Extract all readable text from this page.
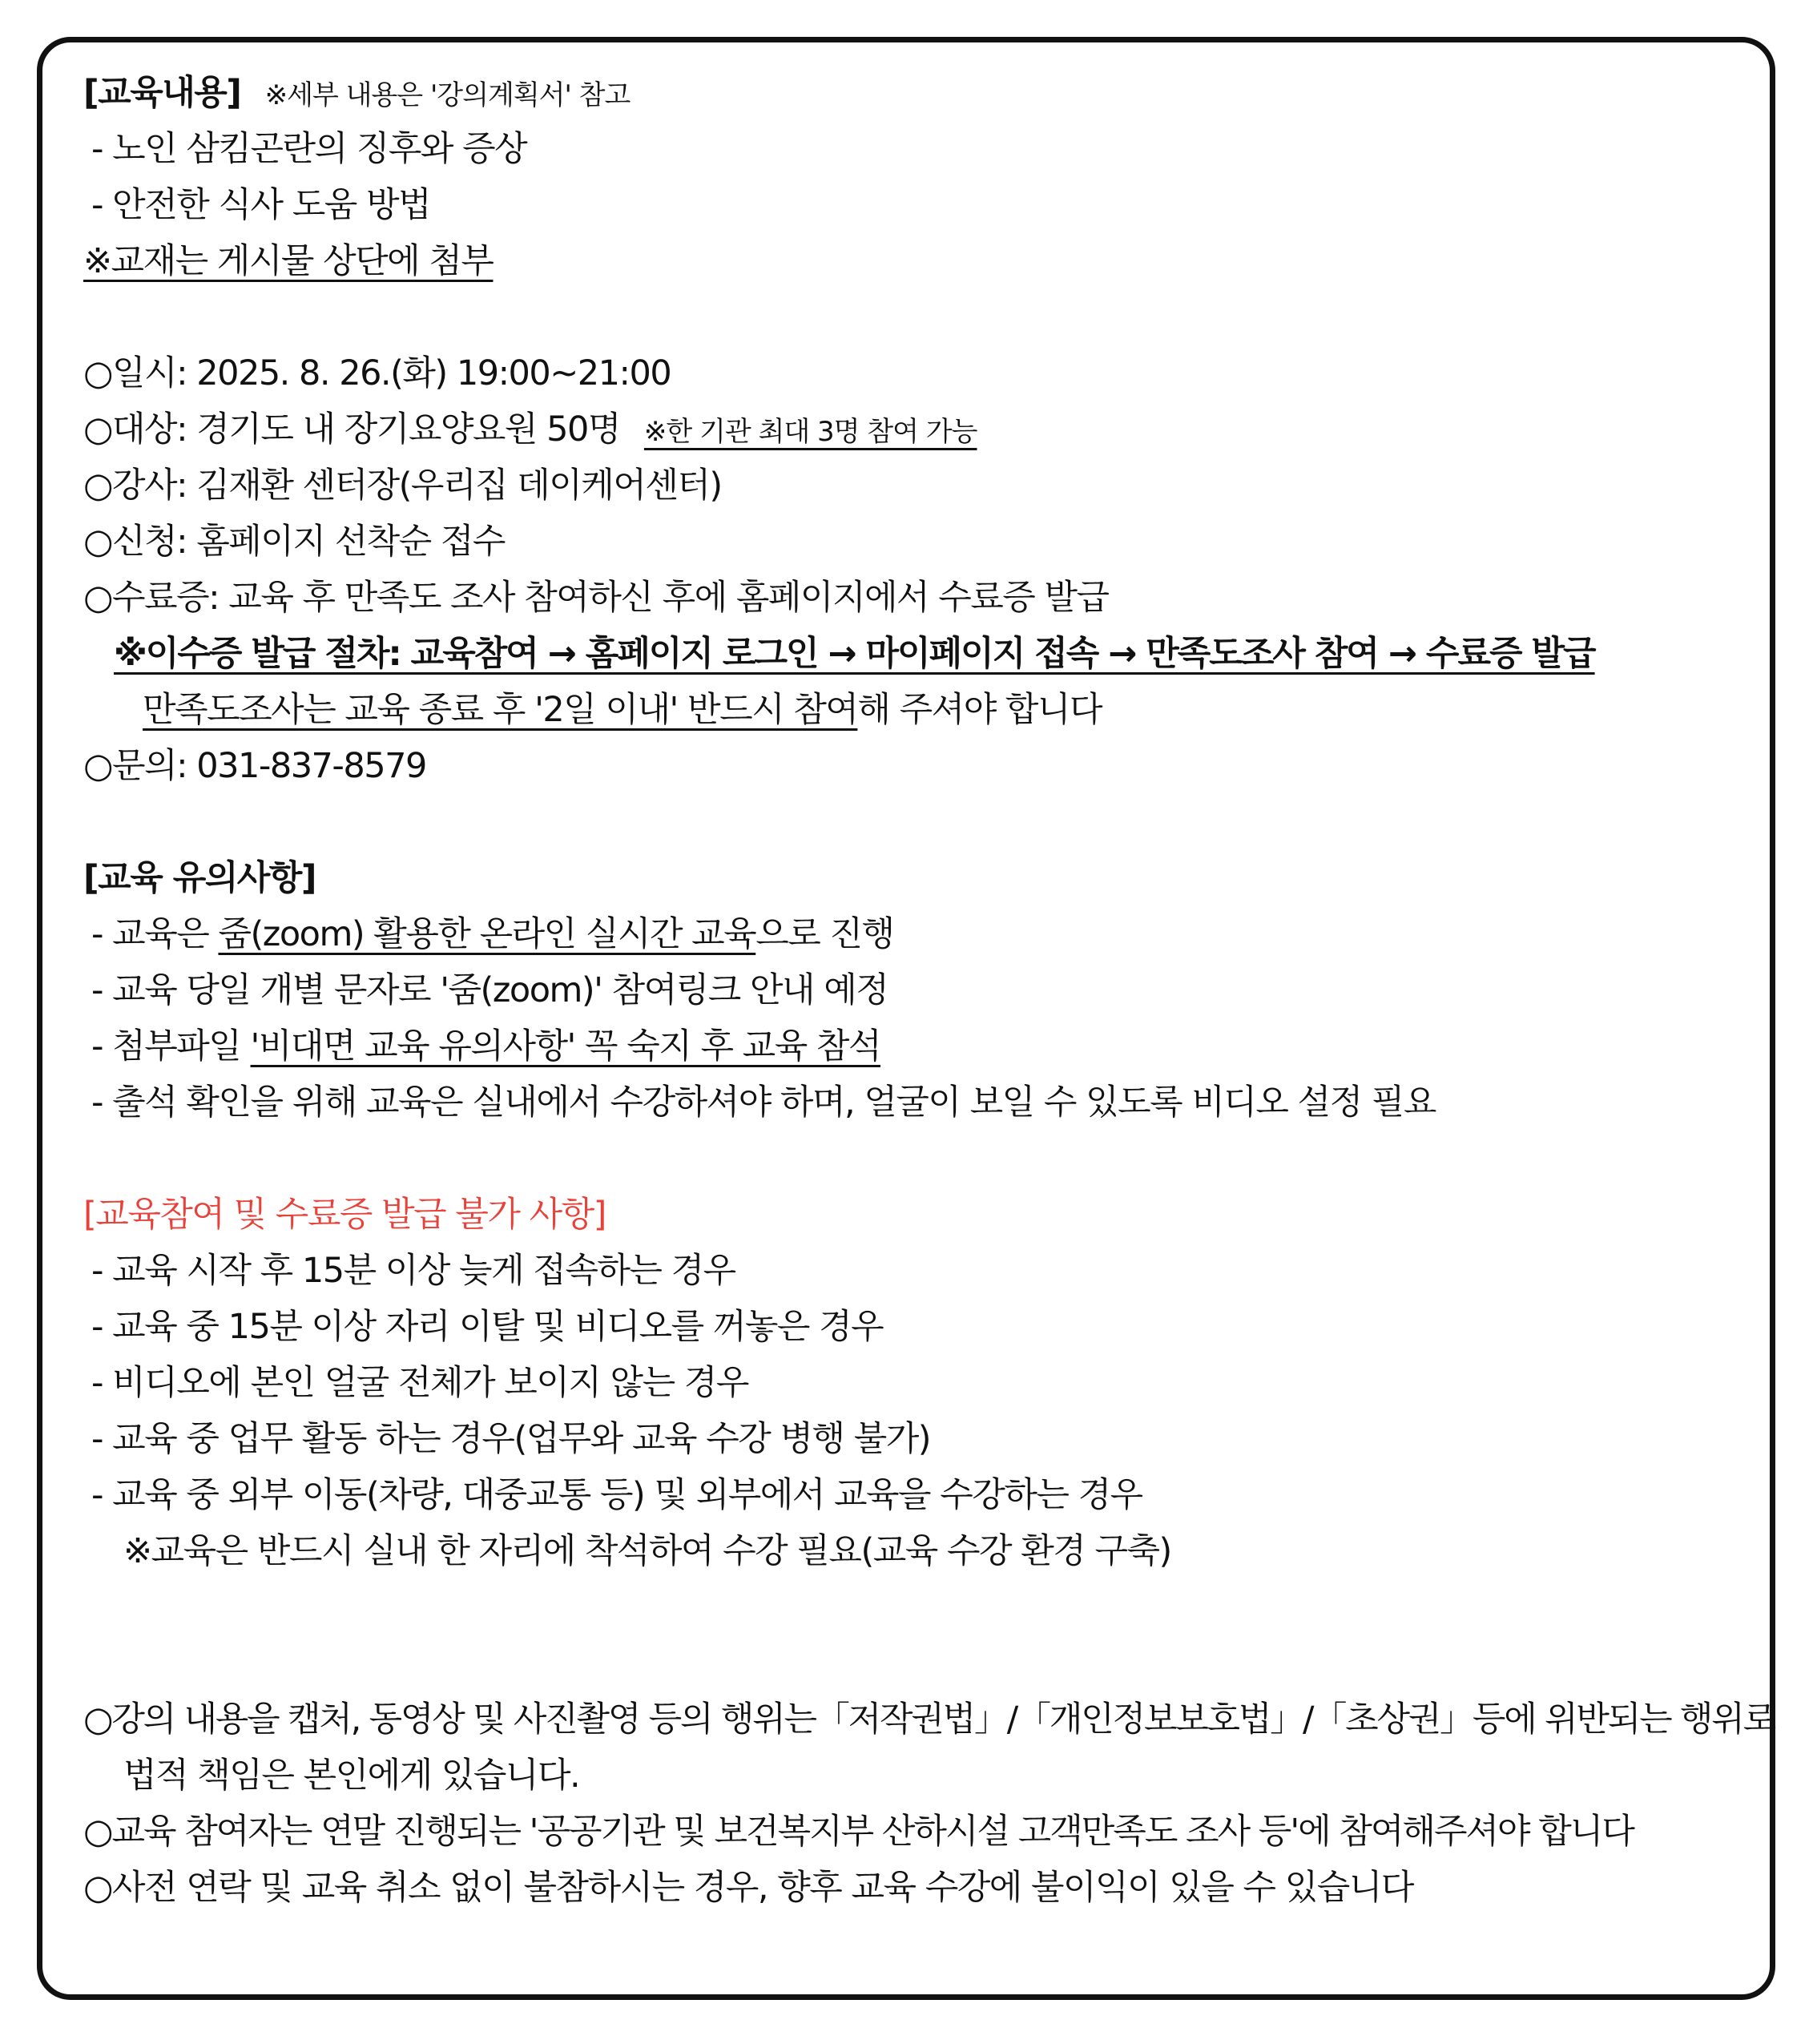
[교육내용] ※세부 내용은 '강의계획서' 참고
- 노인 삼킴곤란의 징후와 증상
- 안전한 식사 도움 방법
※교재는 게시물 상단에 첨부
○일시: 2025. 8. 26.(화) 19:00~21:00
○대상: 경기도 내 장기요양요원 50명 ※한 기관 최대 3명 참여 가능
○강사: 김재환 센터장(우리집 데이케어센터)
○신청: 홈페이지 선착순 접수
○수료증: 교육 후 만족도 조사 참여하신 후에 홈페이지에서 수료증 발급
※이수증 발급 절차: 교육참여 → 홈페이지 로그인 → 마이페이지 접속 → 만족도조사 참여 → 수료증 발급
만족도조사는 교육 종료 후 '2일 이내' 반드시 참여해 주셔야 합니다
○문의: 031-837-8579
[교육 유의사항]
- 교육은 줌(zoom) 활용한 온라인 실시간 교육으로 진행
- 교육 당일 개별 문자로 '줌(zoom)' 참여링크 안내 예정
- 첨부파일 '비대면 교육 유의사항' 꼭 숙지 후 교육 참석
- 출석 확인을 위해 교육은 실내에서 수강하셔야 하며, 얼굴이 보일 수 있도록 비디오 설정 필요
[교육참여 및 수료증 발급 불가 사항]
- 교육 시작 후 15분 이상 늦게 접속하는 경우
- 교육 중 15분 이상 자리 이탈 및 비디오를 꺼놓은 경우
- 비디오에 본인 얼굴 전체가 보이지 않는 경우
- 교육 중 업무 활동 하는 경우(업무와 교육 수강 병행 불가)
- 교육 중 외부 이동(차량, 대중교통 등) 및 외부에서 교육을 수강하는 경우
※교육은 반드시 실내 한 자리에 착석하여 수강 필요(교육 수강 환경 구축)
○강의 내용을 캡처, 동영상 및 사진촬영 등의 행위는「저작권법」/「개인정보보호법」/「초상권」등에 위반되는 행위로
법적 책임은 본인에게 있습니다.
○교육 참여자는 연말 진행되는 '공공기관 및 보건복지부 산하시설 고객만족도 조사 등'에 참여해주셔야 합니다
○사전 연락 및 교육 취소 없이 불참하시는 경우, 향후 교육 수강에 불이익이 있을 수 있습니다
